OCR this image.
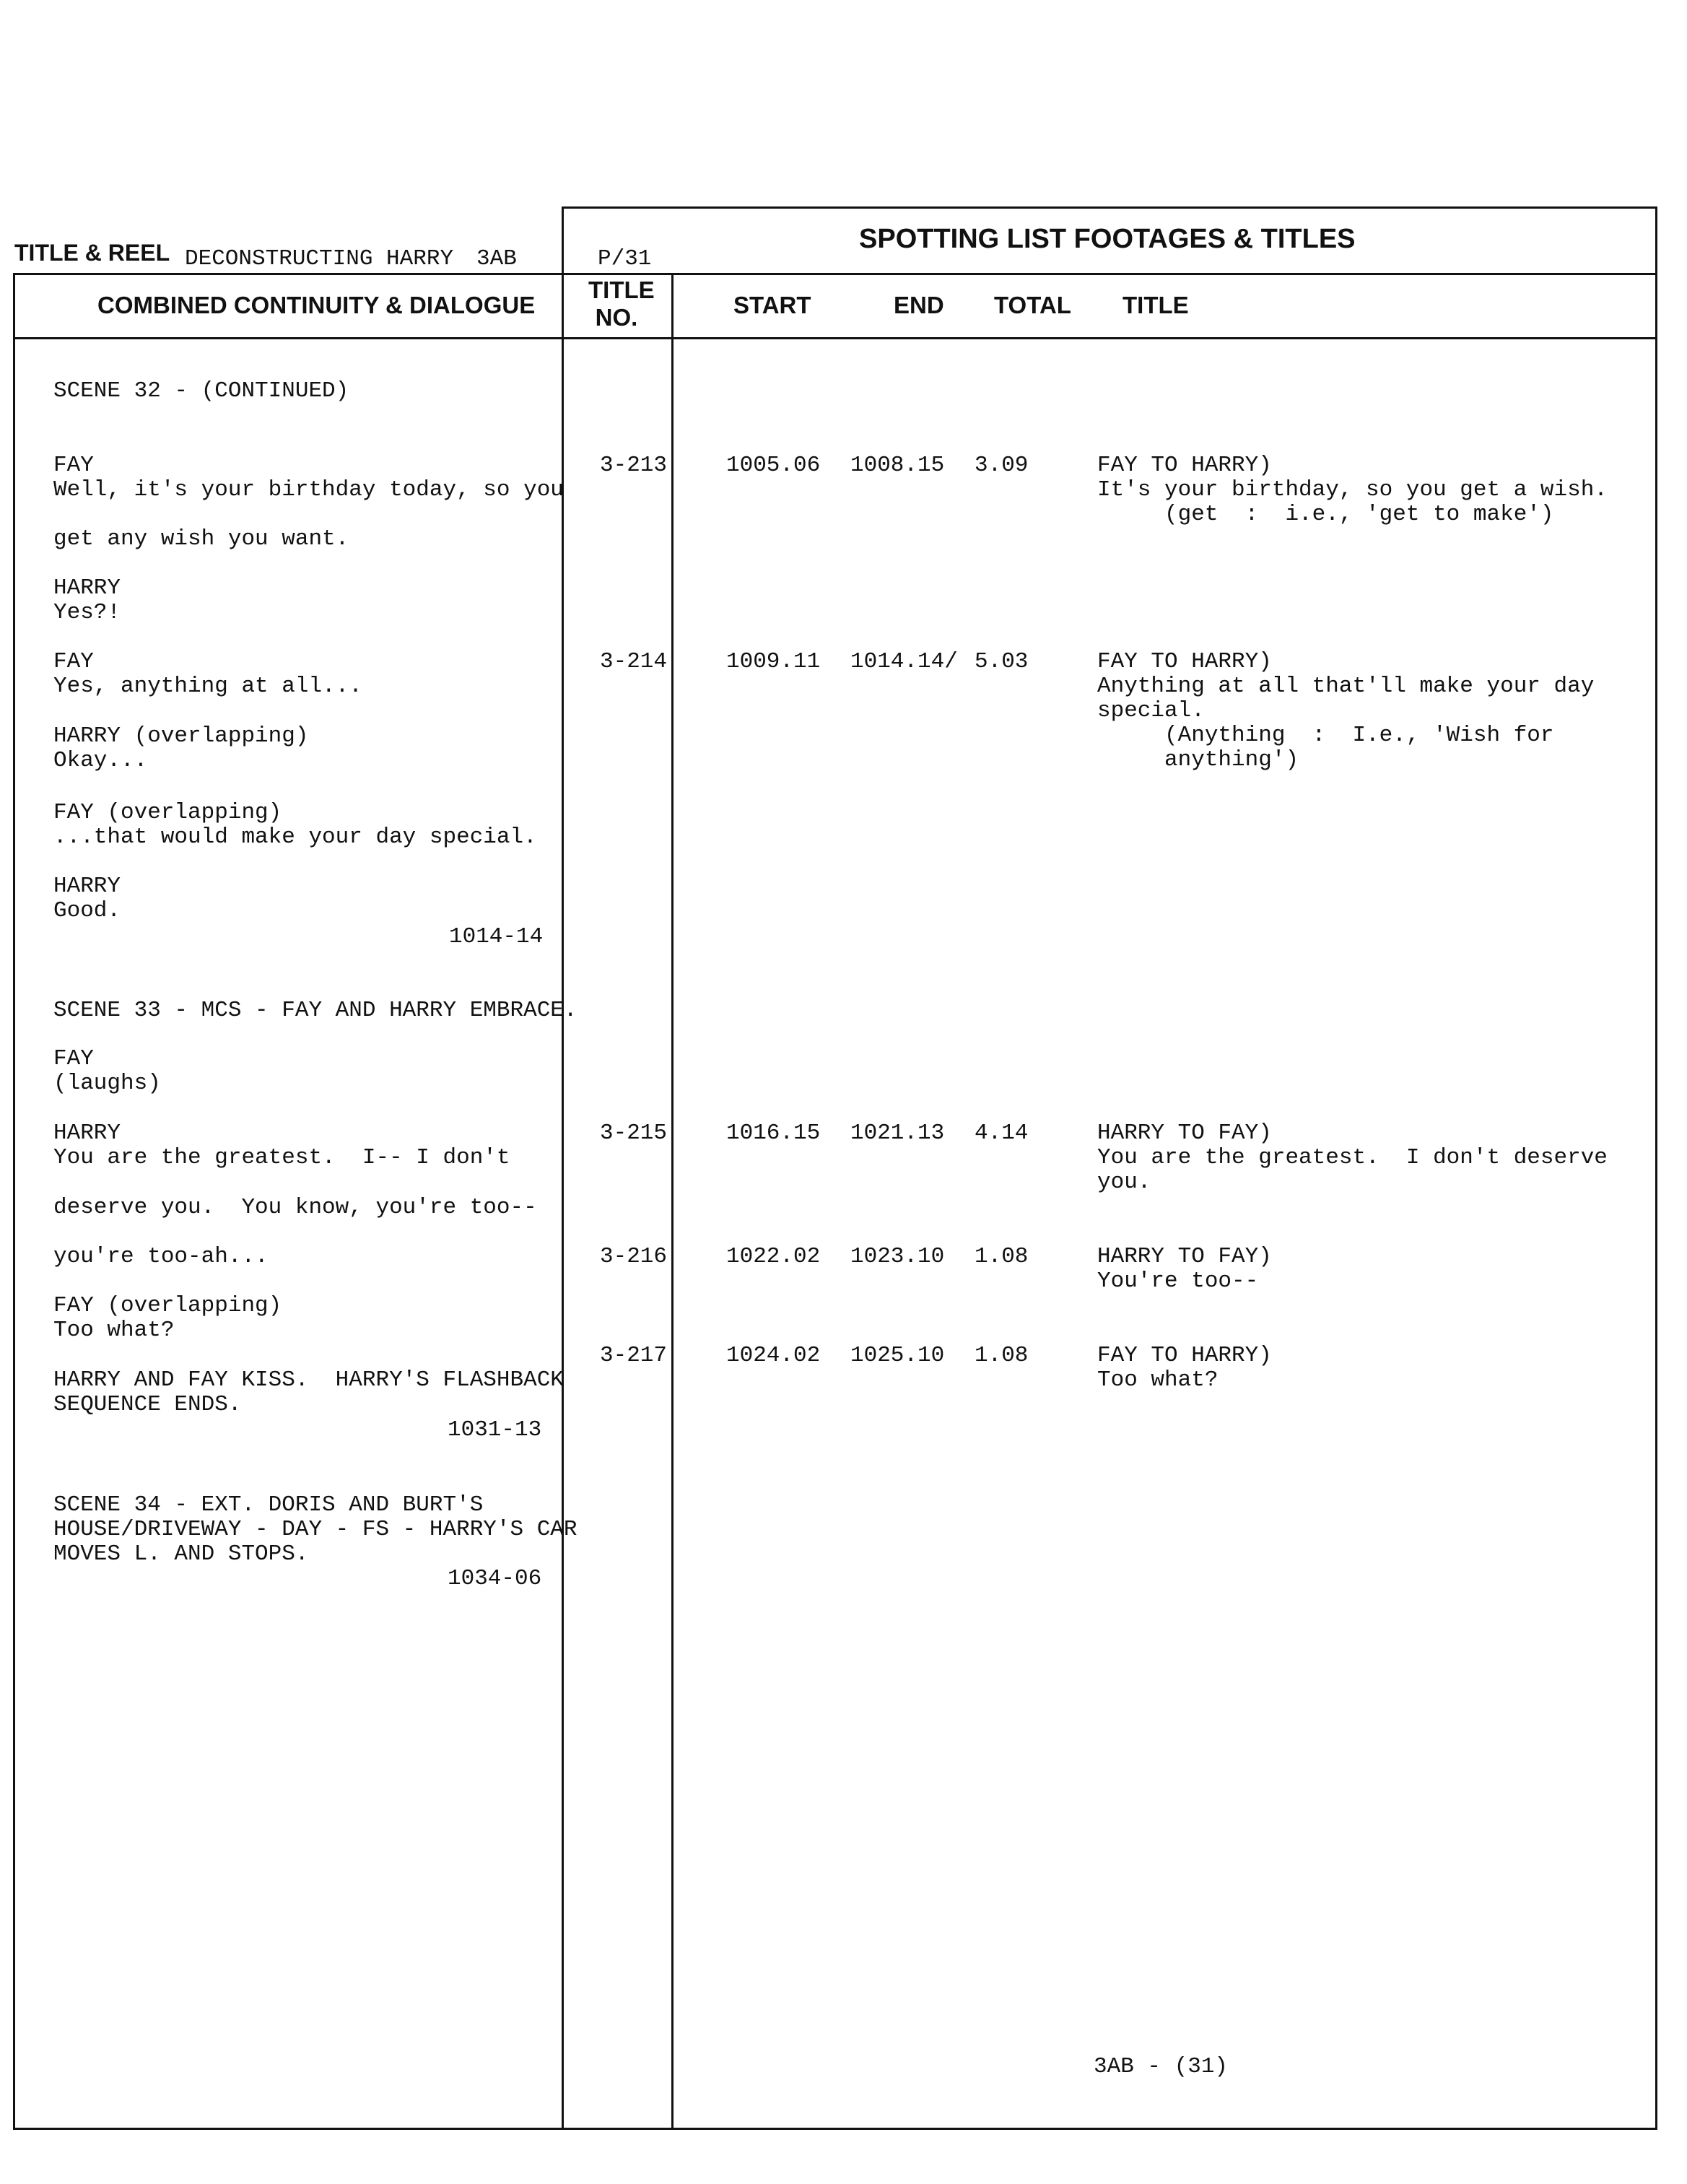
TITLE & REEL DECONSTRUCTING HARRY 3AB	P/31
SPOTTING LIST FOOTAGES & TITLES
COMBINED CONTINUITY & DIALOGUE
TITLE
NO.	START	END TOTAL TITLE
SCENE 32 - (CONTINUED)
FAY
Well, it's your birthday today, so you
get any wish you want.
HARRY
Yes?!
FAY
Yes, anything at all...
HARRY (overlapping)
Okay...
FAY (overlapping)
...that would make your day special.
HARRY
Good.
1014-14
SCENE 33 - MCS - FAY AND HARRY EMBRACE.
FAY
(laughs)
HARRY
You are the greatest.  I-- I don't
deserve you.  You know, you're too--
you're too-ah...
FAY (overlapping)
Too what?
HARRY AND FAY KISS.  HARRY'S FLASHBACK
SEQUENCE ENDS.
1031-13
SCENE 34 - EXT. DORIS AND BURT'S
HOUSE/DRIVEWAY - DAY - FS - HARRY'S CAR
MOVES L. AND STOPS.
1034-06
3-213	1005.06 1008.15 3.09	FAY TO HARRY)
It's your birthday, so you get a wish.
(get  :  i.e., 'get to make')
3-214	1009.11 1014.14/ 5.03	FAY TO HARRY)
Anything at all that'll make your day
special.
(Anything  :  I.e., 'Wish for
anything')
3-215	1016.15 1021.13 4.14	HARRY TO FAY)
You are the greatest.  I don't deserve
you.
3-216	1022.02 1023.10 1.08	HARRY TO FAY)
You're too--
3-217	1024.02 1025.10 1.08	FAY TO HARRY)
Too what?
3AB - (31)
